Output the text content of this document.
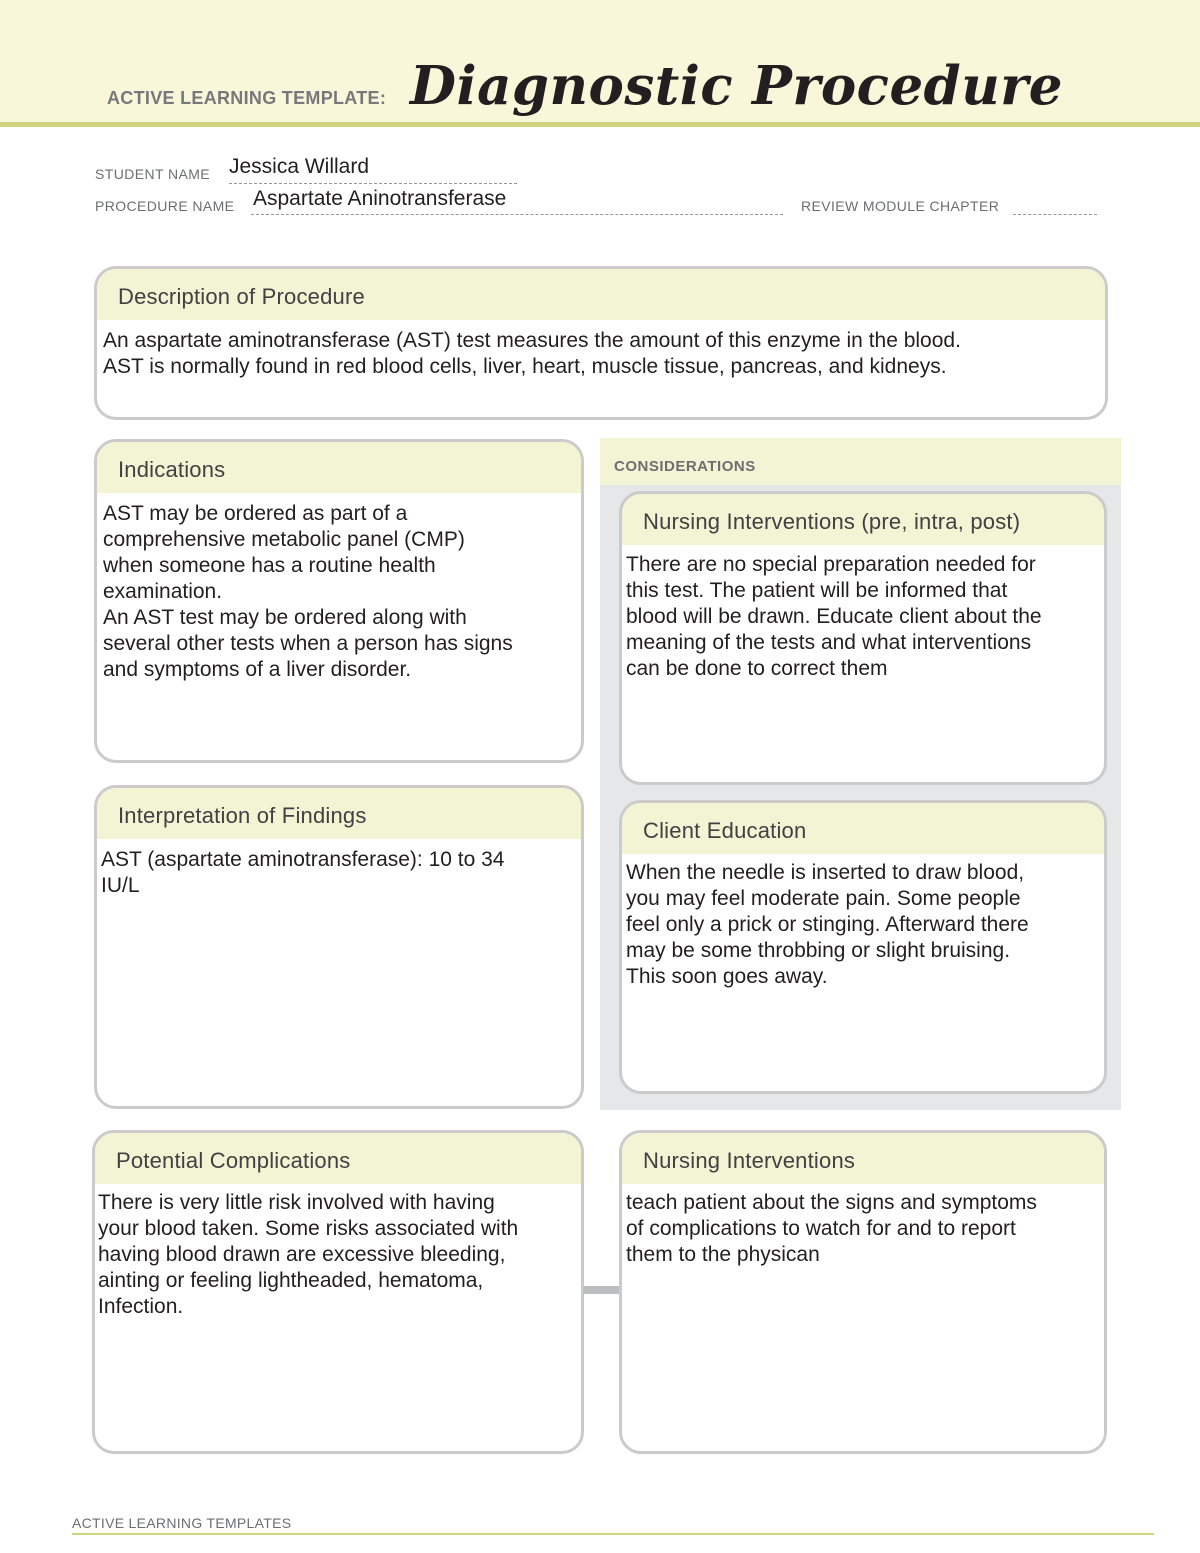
ACTIVE LEARNING TEMPLATE: Diagnostic Procedure
STUDENT NAME Jessica Willard
PROCEDURE NAME Aspartate Aninotransferase	REVIEW MODULE CHAPTER
Description of Procedure
An aspartate aminotransferase (AST) test measures the amount of this enzyme in the blood.
AST is normally found in red blood cells, liver, heart, muscle tissue, pancreas, and kidneys.
CONSIDERATIONS
Indications
AST may be ordered as part of a
comprehensive metabolic panel (CMP)
when someone has a routine health
examination.
An AST test may be ordered along with
several other tests when a person has signs
and symptoms of a liver disorder.
Nursing Interventions (pre, intra, post)
There are no special preparation needed for
this test. The patient will be informed that
blood will be drawn. Educate client about the
meaning of the tests and what interventions
can be done to correct them
Interpretation of Findings
AST (aspartate aminotransferase): 10 to 34
IU/L
Client Education
When the needle is inserted to draw blood,
you may feel moderate pain. Some people
feel only a prick or stinging. Afterward there
may be some throbbing or slight bruising.
This soon goes away.
Potential Complications
There is very little risk involved with having
your blood taken. Some risks associated with
having blood drawn are excessive bleeding,
ainting or feeling lightheaded, hematoma,
Infection.
Nursing Interventions
teach patient about the signs and symptoms
of complications to watch for and to report
them to the physican
ACTIVE LEARNING TEMPLATES
